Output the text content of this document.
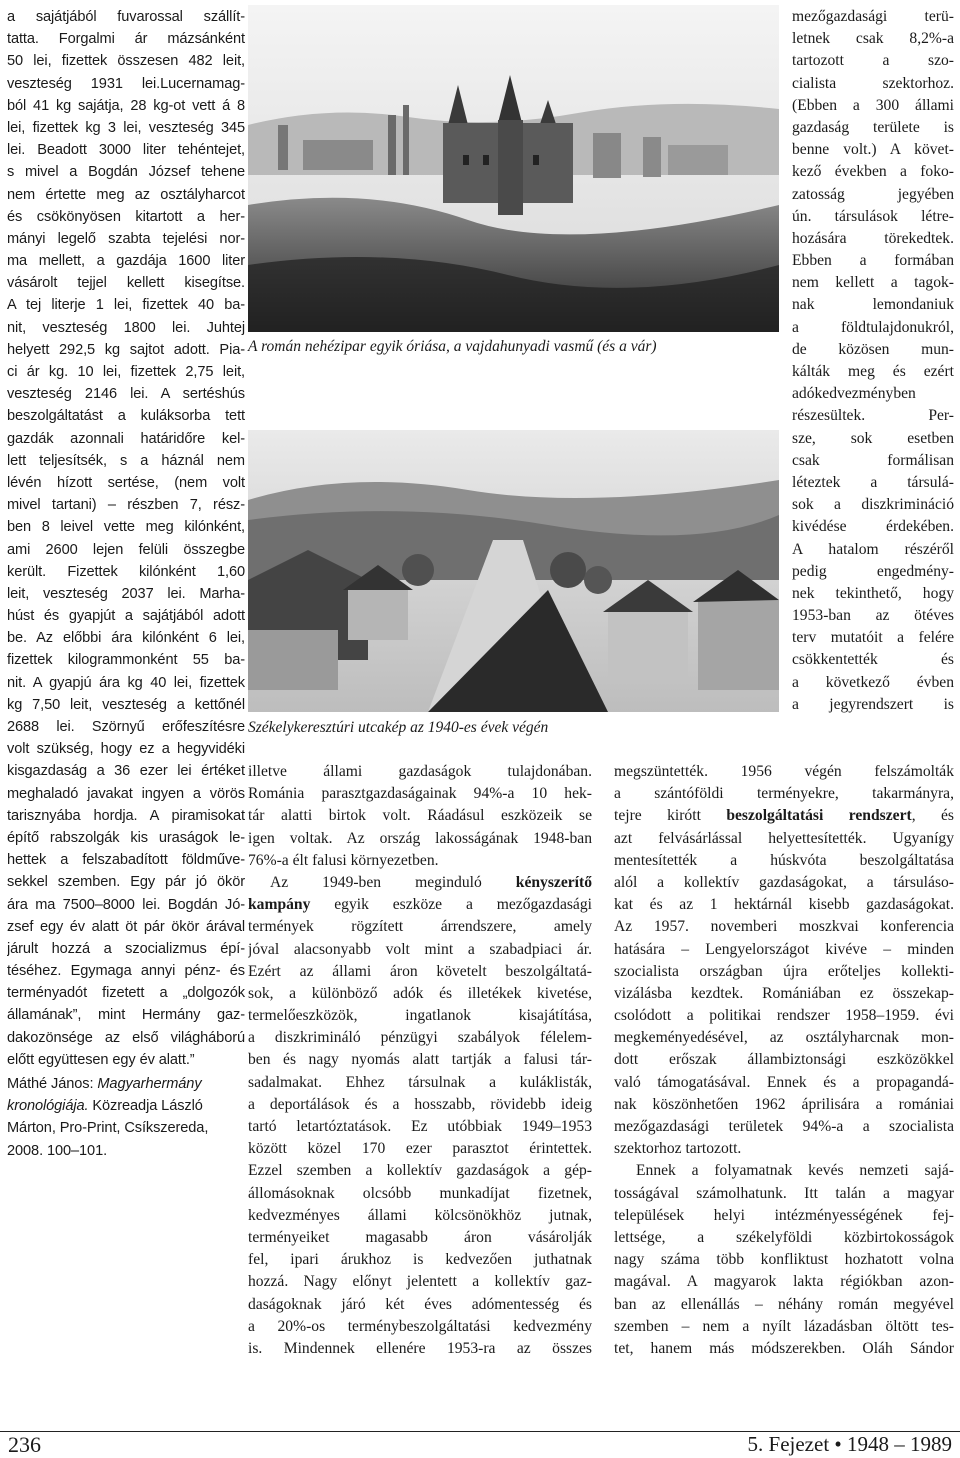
a sajátjából fuvarossal szállít-
tatta. Forgalmi ár mázsánként
50 lei, fizettek összesen 482 leit,
veszteség 1931 lei.Lucernamag-
ból 41 kg sajátja, 28 kg-ot vett á 8
lei, fizettek kg 3 lei, veszteség 345
lei. Beadott 3000 liter tehéntejet,
s mivel a Bogdán József tehene
nem értette meg az osztályharcot
és csökönyösen kitartott a her-
mányi legelő szabta tejelési nor-
ma mellett, a gazdája 1600 liter
vásárolt tejjel kellett kisegítse.
A tej literje 1 lei, fizettek 40 ba-
nit, veszteség 1800 lei. Juhtej
helyett 292,5 kg sajtot adott. Pia-
ci ár kg. 10 lei, fizettek 2,75 leit,
veszteség 2146 lei. A sertéshús
beszolgáltatást a kuláksorba tett
gazdák azonnali határidőre kel-
lett teljesítsék, s a háznál nem
lévén hízott sertése, (nem volt
mivel tartani) – részben 7, rész-
ben 8 leivel vette meg kilónként,
ami 2600 lejen felüli összegbe
került. Fizettek kilónként 1,60
leit, veszteség 2037 lei. Marha-
húst és gyapjút a sajátjából adott
be. Az előbbi ára kilónként 6 lei,
fizettek kilogrammonként 55 ba-
nit. A gyapjú ára kg 40 lei, fizettek
kg 7,50 leit, veszteség a kettőnél
2688 lei. Szörnyű erőfeszítésre
volt szükség, hogy ez a hegyvidéki
kisgazdaság a 36 ezer lei értéket
meghaladó javakat ingyen a vörös
tarisznyába hordja. A piramisokat
építő rabszolgák kis uraságok le-
hettek a felszabadított földműve-
sekkel szemben. Egy pár jó ökör
ára ma 7500–8000 lei. Bogdán Jó-
zsef egy év alatt öt pár ökör árával
járult hozzá a szocializmus épí-
téséhez. Egymaga annyi pénz- és
terményadót fizetett a „dolgozók
államának”, mint Hermány gaz-
dakozönsége az első világháború
előtt együttesen egy év alatt.”
Máthé János: Magyarhermány
kronológiája. Közreadja László
Márton, Pro-Print, Csíkszereda,
2008. 100–101.
A román nehézipar egyik óriása, a vajdahunyadi vasmű (és a vár)
Székelykeresztúri utcakép az 1940-es évek végén
mezőgazdasági terü-
letnek csak 8,2%-a
tartozott a szo-
cialista szektorhoz.
(Ebben a 300 állami
gazdaság területe is
benne volt.) A követ-
kező években a foko-
zatosság jegyében
ún. társulások létre-
hozására törekedtek.
Ebben a formában
nem kellett a tagok-
nak lemondaniuk
a földtulajdonukról,
de közösen mun-
kálták meg és ezért
adókedvezményben
részesültek. Per-
sze, sok esetben
csak formálisan
léteztek a társulá-
sok a diszkrimináció
kivédése érdekében.
A hatalom részéről
pedig engedmény-
nek tekinthető, hogy
1953-ban az ötéves
terv mutatóit a felére
csökkentették és
a következő évben
a jegyrendszert is
illetve állami gazdaságok tulajdonában.
Románia parasztgazdaságainak 94%-a 10 hek-
tár alatti birtok volt. Ráadásul eszközeik se
igen voltak. Az ország lakosságának 1948-ban
76%-a élt falusi környezetben.
Az 1949-ben meginduló kényszerítő
kampány egyik eszköze a mezőgazdasági
termények rögzített árrendszere, amely
jóval alacsonyabb volt mint a szabadpiaci ár.
Ezért az állami áron követelt beszolgáltatá-
sok, a különböző adók és illetékek kivetése,
termelőeszközök, ingatlanok kisajátítása,
a diszkrimináló pénzügyi szabályok félelem-
ben és nagy nyomás alatt tartják a falusi tár-
sadalmakat. Ehhez társulnak a kuláklisták,
a deportálások és a hosszabb, rövidebb ideig
tartó letartóztatások. Ez utóbbiak 1949–1953
között közel 170 ezer parasztot érintettek.
Ezzel szemben a kollektív gazdaságok a gép-
állomásoknak olcsóbb munkadíjat fizetnek,
kedvezményes állami kölcsönökhöz jutnak,
terményeiket magasabb áron vásárolják
fel, ipari árukhoz is kedvezően juthatnak
hozzá. Nagy előnyt jelentett a kollektív gaz-
daságoknak járó két éves adómentesség és
a 20%-os terménybeszolgáltatási kedvezmény
is. Mindennek ellenére 1953-ra az összes
megszüntették. 1956 végén felszámolták
a szántóföldi terményekre, takarmányra,
tejre kirótt beszolgáltatási rendszert, és
azt felvásárlással helyettesítették. Ugyanígy
mentesítették a húskvóta beszolgáltatása
alól a kollektív gazdaságokat, a társuláso-
kat és az 1 hektárnál kisebb gazdaságokat.
Az 1957. novemberi moszkvai konferencia
hatására – Lengyelországot kivéve – minden
szocialista országban újra erőteljes kollekti-
vizálásba kezdtek. Romániában ez összekap-
csolódott a politikai rendszer 1958–1959. évi
megkeményedésével, az osztályharcnak mon-
dott erőszak állambiztonsági eszközökkel
való támogatásával. Ennek és a propagandá-
nak köszönhetően 1962 áprilisára a romániai
mezőgazdasági területek 94%-a a szocialista
szektorhoz tartozott.
Ennek a folyamatnak kevés nemzeti sajá-
tosságával számolhatunk. Itt talán a magyar
települések helyi intézményességének fej-
lettsége, a székelyföldi közbirtokosságok
nagy száma több konfliktust hozhatott volna
magával. A magyarok lakta régiókban azon-
ban az ellenállás – néhány román megyével
szemben – nem a nyílt lázadásban öltött tes-
tet, hanem más módszerekben. Oláh Sándor
236	5. Fejezet • 1948 – 1989
